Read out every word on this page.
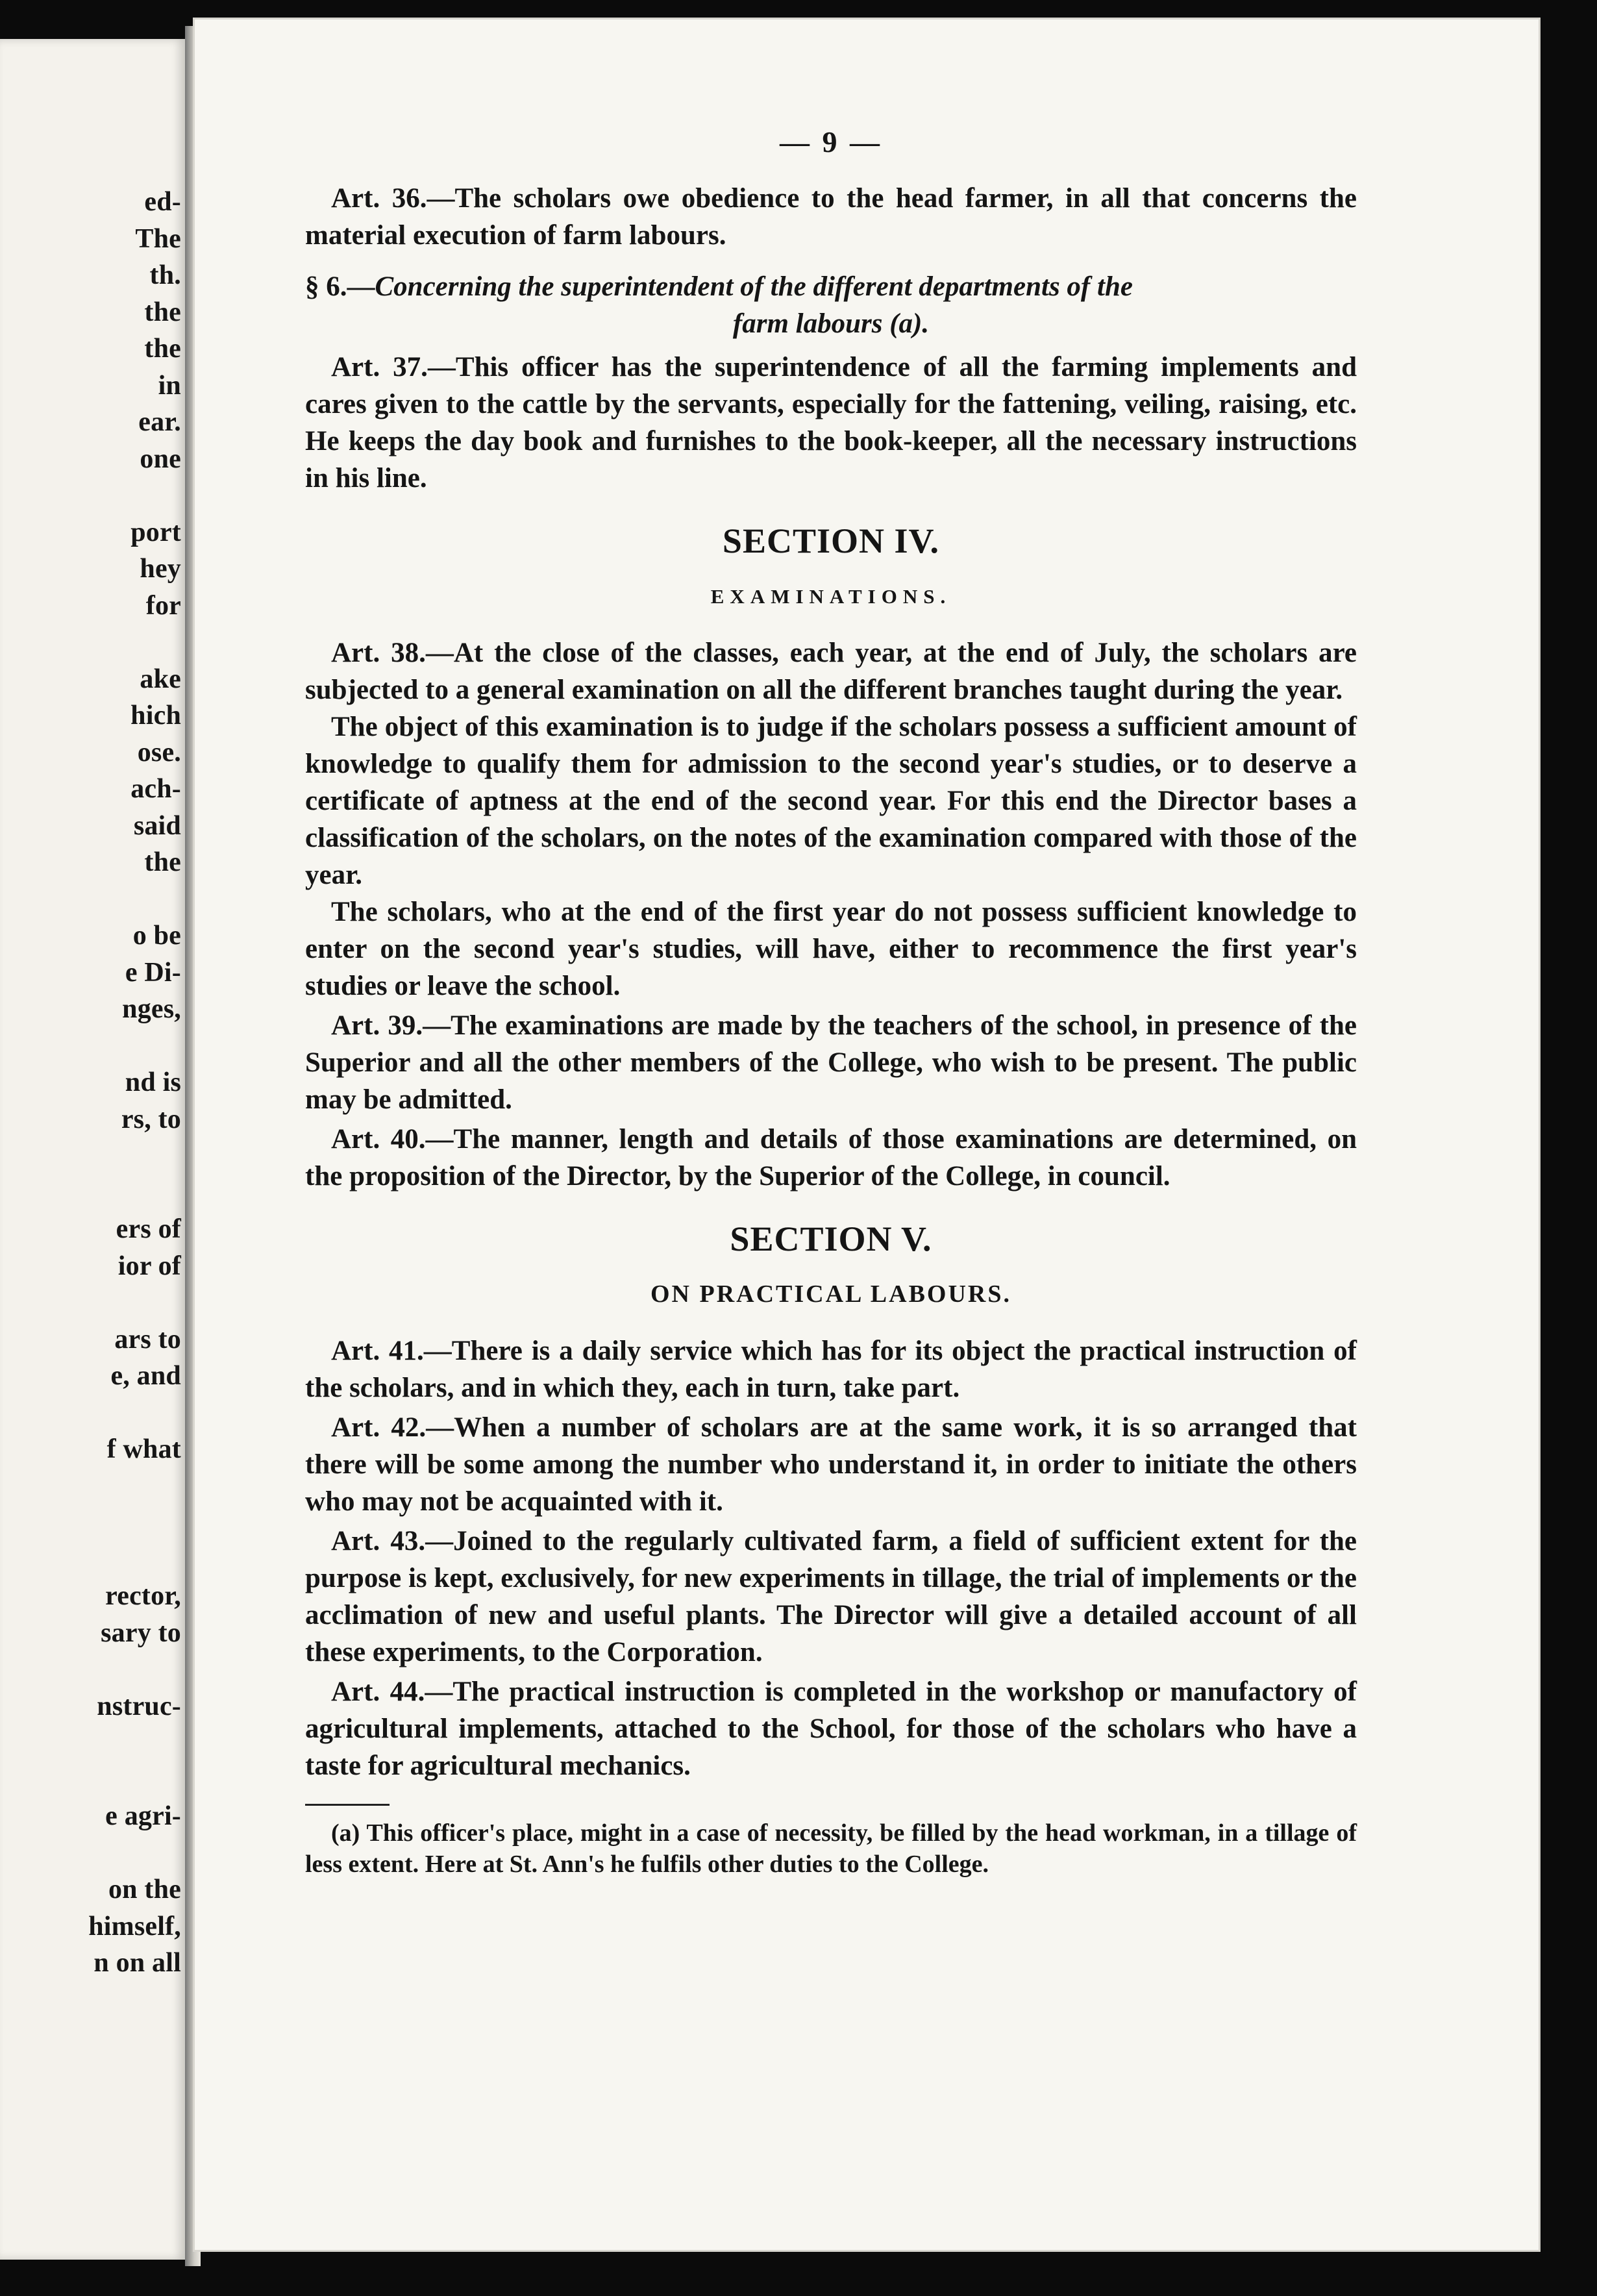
ed-
The
th.
the
the
in
ear.
one
port
hey
for
ake
hich
ose.
ach-
said
the
o be
e Di-
nges,
nd is
rs, to
ers of
ior of
ars to
e, and
f what
rector,
sary to
nstruc-
e agri-
on the
himself,
n on all

— 9 —

Art. 36.—The scholars owe obedience to the head farmer, in all that concerns the material execution of farm labours.

§ 6.—Concerning the superintendent of the different departments of the
farm labours (a).

Art. 37.—This officer has the superintendence of all the farming implements and cares given to the cattle by the servants, especially for the fattening, veiling, raising, etc. He keeps the day book and furnishes to the book-keeper, all the necessary instructions in his line.

SECTION IV.

EXAMINATIONS.

Art. 38.—At the close of the classes, each year, at the end of July, the scholars are subjected to a general examination on all the different branches taught during the year.

The object of this examination is to judge if the scholars possess a sufficient amount of knowledge to qualify them for admission to the second year's studies, or to deserve a certificate of aptness at the end of the second year. For this end the Director bases a classification of the scholars, on the notes of the examination compared with those of the year.

The scholars, who at the end of the first year do not possess sufficient knowledge to enter on the second year's studies, will have, either to recommence the first year's studies or leave the school.

Art. 39.—The examinations are made by the teachers of the school, in presence of the Superior and all the other members of the College, who wish to be present. The public may be admitted.

Art. 40.—The manner, length and details of those examinations are determined, on the proposition of the Director, by the Superior of the College, in council.

SECTION V.

ON PRACTICAL LABOURS.

Art. 41.—There is a daily service which has for its object the practical instruction of the scholars, and in which they, each in turn, take part.

Art. 42.—When a number of scholars are at the same work, it is so arranged that there will be some among the number who understand it, in order to initiate the others who may not be acquainted with it.

Art. 43.—Joined to the regularly cultivated farm, a field of sufficient extent for the purpose is kept, exclusively, for new experiments in tillage, the trial of implements or the acclimation of new and useful plants. The Director will give a detailed account of all these experiments, to the Corporation.

Art. 44.—The practical instruction is completed in the workshop or manufactory of agricultural implements, attached to the School, for those of the scholars who have a taste for agricultural mechanics.

(a) This officer's place, might in a case of necessity, be filled by the head workman, in a tillage of less extent. Here at St. Ann's he fulfils other duties to the College.
